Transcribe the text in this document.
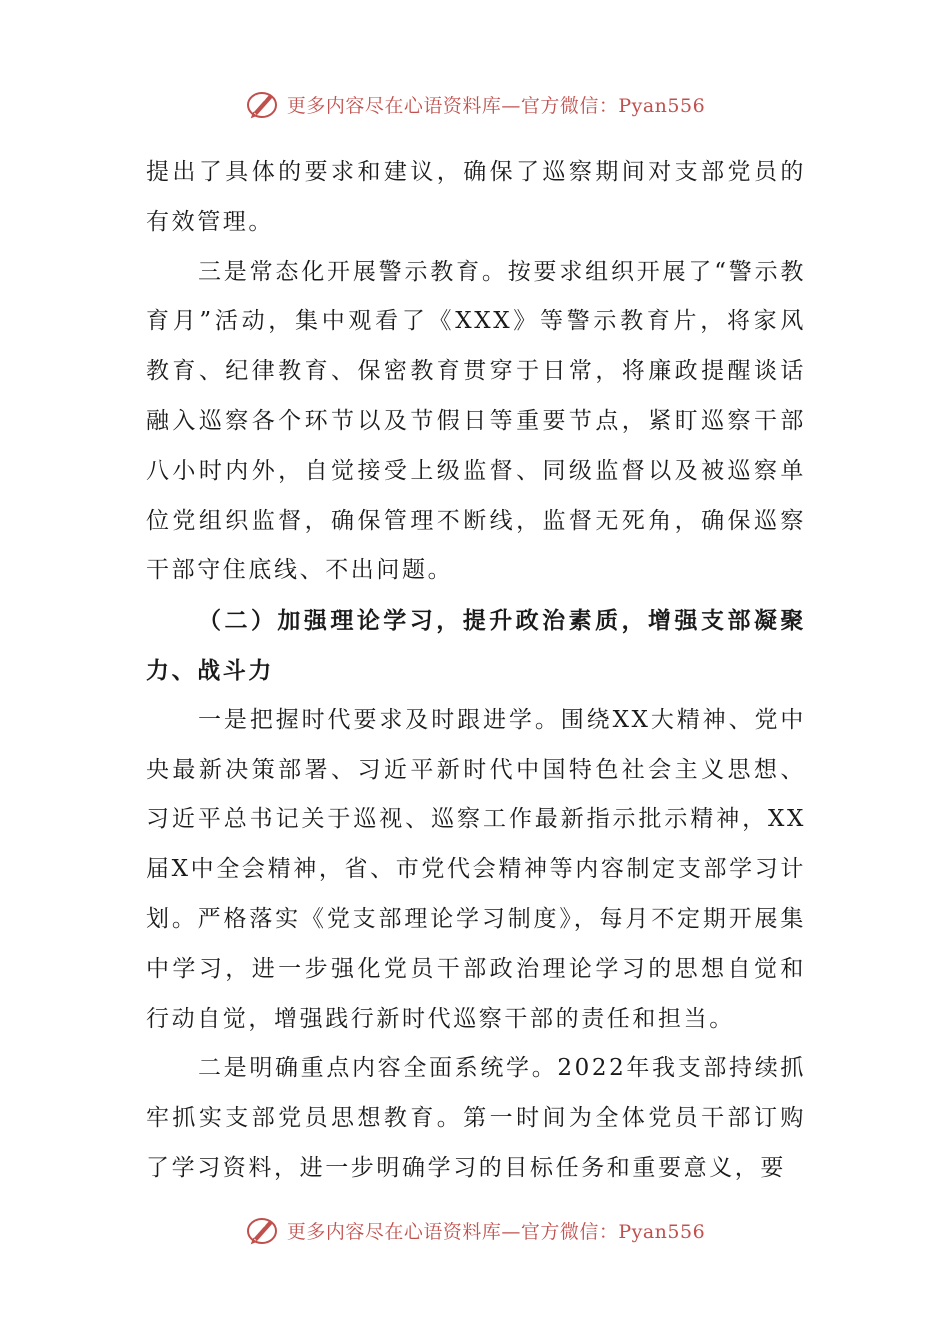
更多内容尽在心语资料库—官方微信：Pyan556

提出了具体的要求和建议，确保了巡察期间对支部党员的有效管理。

三是常态化开展警示教育。按要求组织开展了“警示教育月”活动，集中观看了《XXX》等警示教育片，将家风教育、纪律教育、保密教育贯穿于日常，将廉政提醒谈话融入巡察各个环节以及节假日等重要节点，紧盯巡察干部八小时内外，自觉接受上级监督、同级监督以及被巡察单位党组织监督，确保管理不断线，监督无死角，确保巡察干部守住底线、不出问题。

（二）加强理论学习，提升政治素质，增强支部凝聚力、战斗力

一是把握时代要求及时跟进学。围绕XX大精神、党中央最新决策部署、习近平新时代中国特色社会主义思想、习近平总书记关于巡视、巡察工作最新指示批示精神，XX届X中全会精神，省、市党代会精神等内容制定支部学习计划。严格落实《党支部理论学习制度》，每月不定期开展集中学习，进一步强化党员干部政治理论学习的思想自觉和行动自觉，增强践行新时代巡察干部的责任和担当。

二是明确重点内容全面系统学。2022年我支部持续抓牢抓实支部党员思想教育。第一时间为全体党员干部订购了学习资料，进一步明确学习的目标任务和重要意义，要

更多内容尽在心语资料库—官方微信：Pyan556
